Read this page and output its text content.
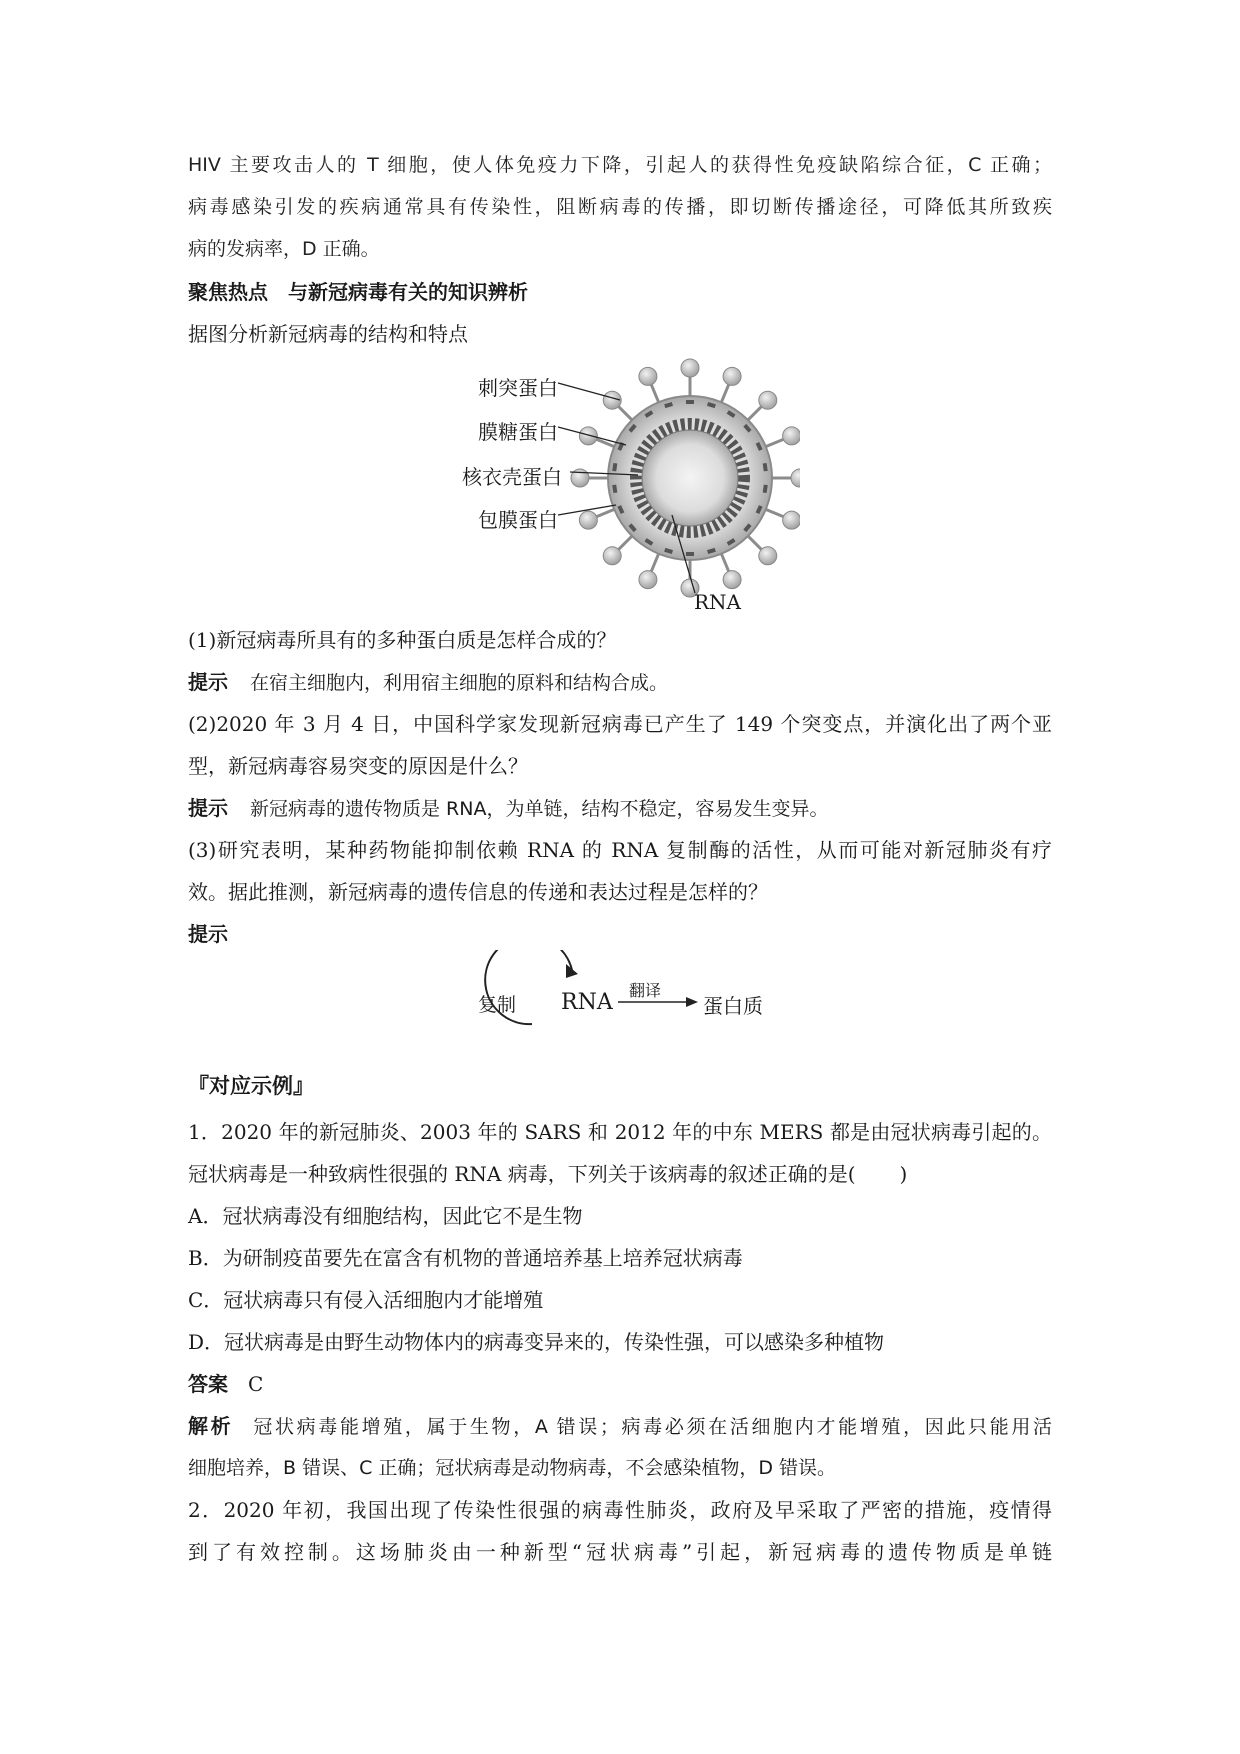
HIV 主要攻击人的 T 细胞，使人体免疫力下降，引起人的获得性免疫缺陷综合征，C 正确；
病毒感染引发的疾病通常具有传染性，阻断病毒的传播，即切断传播途径，可降低其所致疾
病的发病率，D 正确。
聚焦热点　与新冠病毒有关的知识辨析
据图分析新冠病毒的结构和特点
刺突蛋白
膜糖蛋白
核衣壳蛋白
包膜蛋白
RNA
(1)新冠病毒所具有的多种蛋白质是怎样合成的？
提示 在宿主细胞内，利用宿主细胞的原料和结构合成。
(2)2020 年 3 月 4 日，中国科学家发现新冠病毒已产生了 149 个突变点，并演化出了两个亚
型，新冠病毒容易突变的原因是什么？
提示 新冠病毒的遗传物质是 RNA，为单链，结构不稳定，容易发生变异。
(3)研究表明，某种药物能抑制依赖 RNA 的 RNA 复制酶的活性，从而可能对新冠肺炎有疗
效。据此推测，新冠病毒的遗传信息的传递和表达过程是怎样的？
提示
复制 RNA 翻译
蛋白质
『对应示例』
1．2020 年的新冠肺炎、2003 年的 SARS 和 2012 年的中东 MERS 都是由冠状病毒引起的。
冠状病毒是一种致病性很强的 RNA 病毒，下列关于该病毒的叙述正确的是( )
A．冠状病毒没有细胞结构，因此它不是生物
B．为研制疫苗要先在富含有机物的普通培养基上培养冠状病毒
C．冠状病毒只有侵入活细胞内才能增殖
D．冠状病毒是由野生动物体内的病毒变异来的，传染性强，可以感染多种植物
答案 C
解析 冠状病毒能增殖，属于生物，A 错误；病毒必须在活细胞内才能增殖，因此只能用活
细胞培养，B 错误、C 正确；冠状病毒是动物病毒，不会感染植物，D 错误。
2．2020 年初，我国出现了传染性很强的病毒性肺炎，政府及早采取了严密的措施，疫情得
到了有效控制。这场肺炎由一种新型“冠状病毒”引起，新冠病毒的遗传物质是单链
